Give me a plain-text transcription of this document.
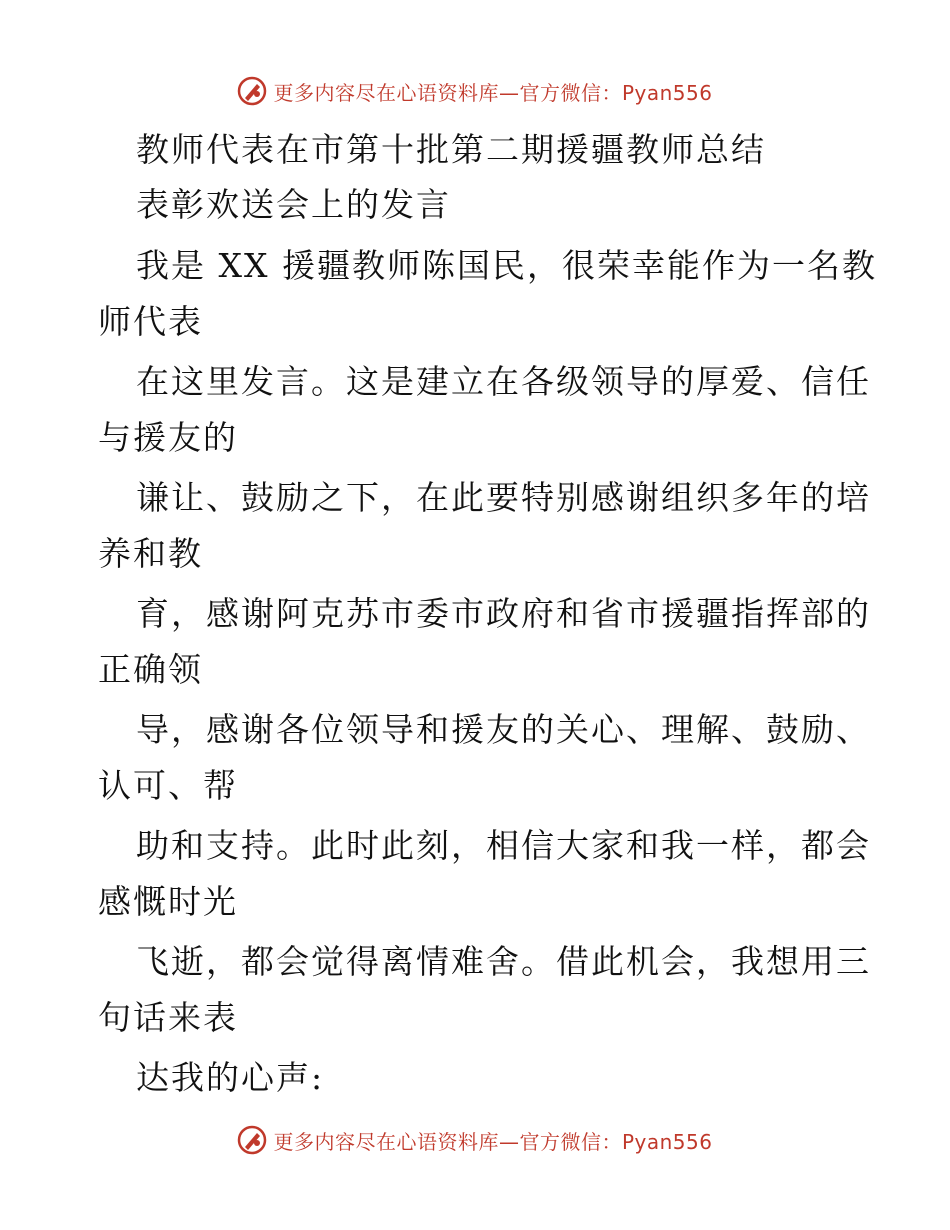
更多内容尽在心语资料库—官方微信：Pyan556
教师代表在市第十批第二期援疆教师总结
表彰欢送会上的发言
我是 XX 援疆教师陈国民，很荣幸能作为一名教
师代表
在这里发言。这是建立在各级领导的厚爱、信任
与援友的
谦让、鼓励之下，在此要特别感谢组织多年的培
养和教
育，感谢阿克苏市委市政府和省市援疆指挥部的
正确领
导，感谢各位领导和援友的关心、理解、鼓励、
认可、帮
助和支持。此时此刻，相信大家和我一样，都会
感慨时光
飞逝，都会觉得离情难舍。借此机会，我想用三
句话来表
达我的心声:
更多内容尽在心语资料库—官方微信：Pyan556
